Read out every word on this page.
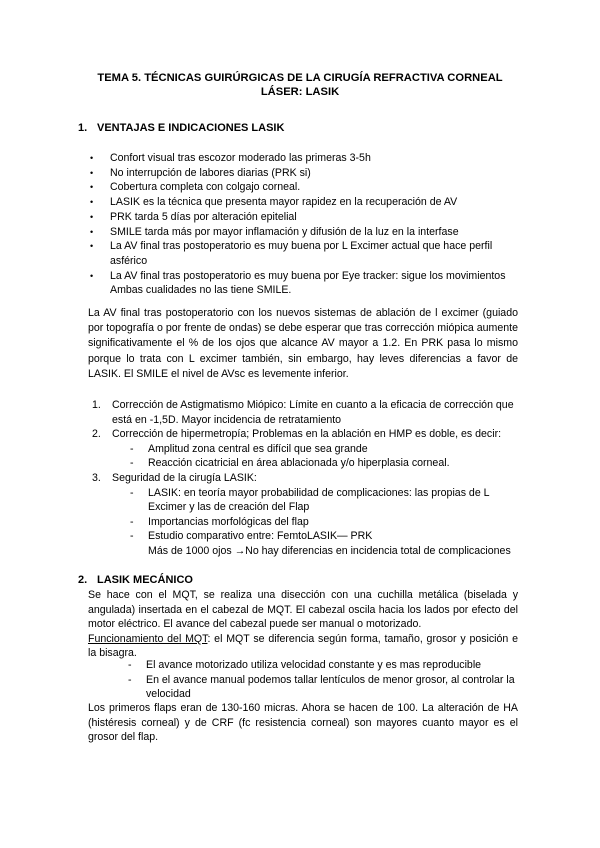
TEMA 5. TÉCNICAS GUIRÚRGICAS DE LA CIRUGÍA REFRACTIVA CORNEAL
LÁSER: LASIK
1. VENTAJAS E INDICACIONES LASIK
• Confort visual tras escozor moderado las primeras 3-5h
• No interrupción de labores diarias (PRK si)
• Cobertura completa con colgajo corneal.
• LASIK es la técnica que presenta mayor rapidez en la recuperación de AV
• PRK tarda 5 días por alteración epitelial
• SMILE tarda más por mayor inflamación y difusión de la luz en la interfase
• La AV final tras postoperatorio es muy buena por L Excimer actual que hace perfil asférico
• La AV final tras postoperatorio es muy buena por Eye tracker: sigue los movimientos Ambas cualidades no las tiene SMILE.
La AV final tras postoperatorio con los nuevos sistemas de ablación de l excimer (guiado por topografía o por frente de ondas) se debe esperar que tras corrección miópica aumente significativamente el % de los ojos que alcance AV mayor a 1.2. En PRK pasa lo mismo porque lo trata con L excimer también, sin embargo, hay leves diferencias a favor de LASIK. El SMILE el nivel de AVsc es levemente inferior.
1. Corrección de Astigmatismo Miópico: Límite en cuanto a la eficacia de corrección que está en -1,5D. Mayor incidencia de retratamiento
2. Corrección de hipermetropía; Problemas en la ablación en HMP es doble, es decir:
- Amplitud zona central es difícil que sea grande
- Reacción cicatricial en área ablacionada y/o hiperplasia corneal.
3. Seguridad de la cirugía LASIK:
- LASIK: en teoría mayor probabilidad de complicaciones: las propias de L Excimer y las de creación del Flap
- Importancias morfológicas del flap
- Estudio comparativo entre: FemtoLASIK— PRK
Más de 1000 ojos →No hay diferencias en incidencia total de complicaciones
2. LASIK MECÁNICO
Se hace con el MQT, se realiza una disección con una cuchilla metálica (biselada y angulada) insertada en el cabezal de MQT. El cabezal oscila hacia los lados por efecto del motor eléctrico. El avance del cabezal puede ser manual o motorizado.
Funcionamiento del MQT: el MQT se diferencia según forma, tamaño, grosor y posición e la bisagra.
- El avance motorizado utiliza velocidad constante y es mas reproducible
- En el avance manual podemos tallar lentículos de menor grosor, al controlar la velocidad
Los primeros flaps eran de 130-160 micras. Ahora se hacen de 100. La alteración de HA (histéresis corneal) y de CRF (fc resistencia corneal) son mayores cuanto mayor es el grosor del flap.
